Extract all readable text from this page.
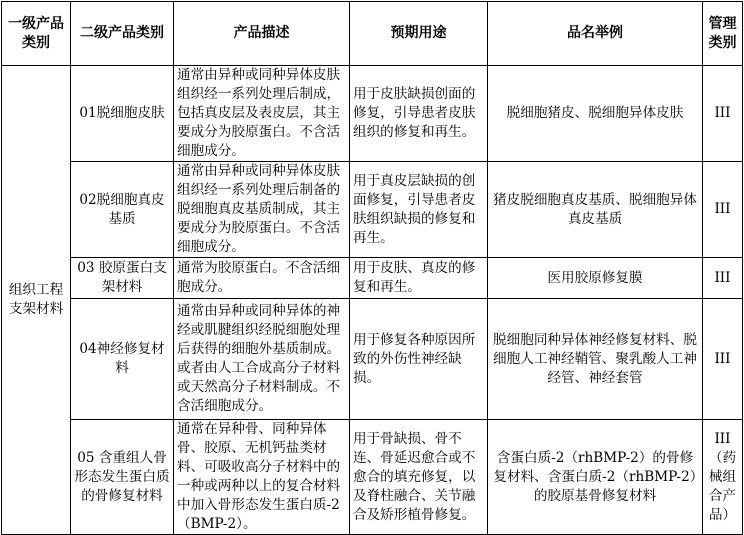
一级产品类别	二级产品类别	产品描述	预期用途	品名举例	管理类别
组织工程支架材料	01脱细胞皮肤	通常由异种或同种异体皮肤组织经一系列处理后制成，包括真皮层及表皮层，其主要成分为胶原蛋白。不含活细胞成分。	用于皮肤缺损创面的修复，引导患者皮肤组织的修复和再生。	脱细胞猪皮、脱细胞异体皮肤	III
	02脱细胞真皮基质	通常由异种或同种异体皮肤组织经一系列处理后制备的脱细胞真皮基质制成，其主要成分为胶原蛋白。不含活细胞成分。	用于真皮层缺损的创面修复，引导患者皮肤组织缺损的修复和再生。	猪皮脱细胞真皮基质、脱细胞异体真皮基质	III
	03 胶原蛋白支架材料	通常为胶原蛋白。不含活细胞成分。	用于皮肤、真皮的修复和再生。	医用胶原修复膜	III
	04神经修复材料	通常由异种或同种异体的神经或肌腱组织经脱细胞处理后获得的细胞外基质制成。或者由人工合成高分子材料或天然高分子材料制成。不含活细胞成分。	用于修复各种原因所致的外伤性神经缺损。	脱细胞同种异体神经修复材料、脱细胞人工神经鞘管、聚乳酸人工神经管、神经套管	III
	05 含重组人骨形态发生蛋白质的骨修复材料	通常在异种骨、同种异体骨、胶原、无机钙盐类材料、可吸收高分子材料中的一种或两种以上的复合材料中加入骨形态发生蛋白质-2（BMP-2）。	用于骨缺损、骨不连、骨延迟愈合或不愈合的填充修复，以及脊柱融合、关节融合及矫形植骨修复。	含蛋白质-2（rhBMP-2）的骨修复材料、含蛋白质-2（rhBMP-2）的胶原基骨修复材料	III（药械组合产品）
